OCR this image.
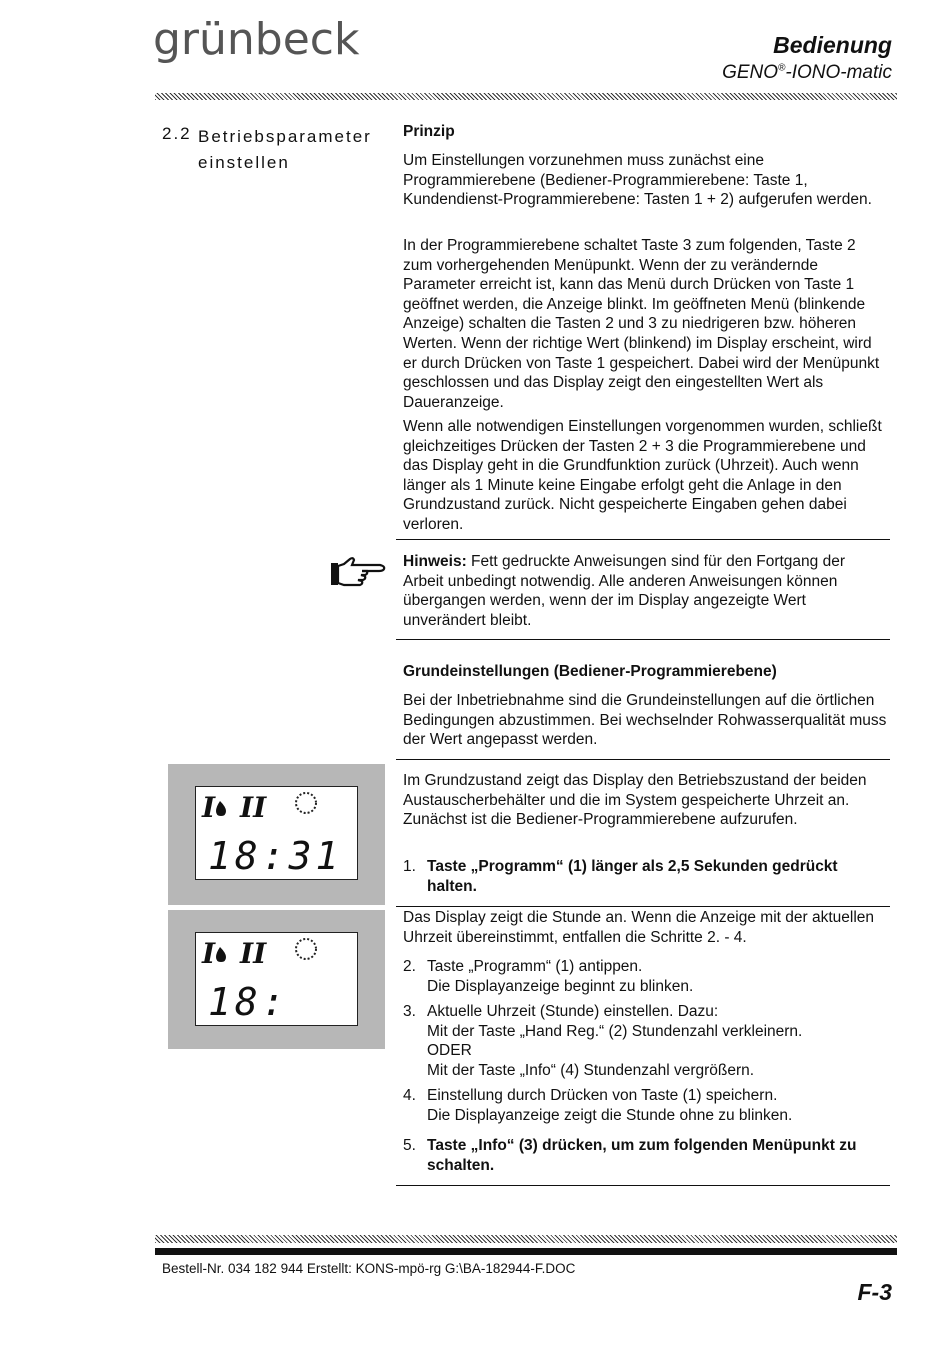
grünbeck	Bedienung
GENO®-IONO-matic
2.2 Betriebsparameter einstellen
Prinzip
Um Einstellungen vorzunehmen muss zunächst eine Programmierebene (Bediener-Programmierebene: Taste 1, Kundendienst-Programmierebene: Tasten 1 + 2) aufgerufen werden.
In der Programmierebene schaltet Taste 3 zum folgenden, Taste 2 zum vorhergehenden Menüpunkt. Wenn der zu verändernde Parameter erreicht ist, kann das Menü durch Drücken von Taste 1 geöffnet werden, die Anzeige blinkt. Im geöffneten Menü (blinkende Anzeige) schalten die Tasten 2 und 3 zu niedrigeren bzw. höheren Werten. Wenn der richtige Wert (blinkend) im Display erscheint, wird er durch Drücken von Taste 1 gespeichert. Dabei wird der Menüpunkt geschlossen und das Display zeigt den eingestellten Wert als Daueranzeige.
Wenn alle notwendigen Einstellungen vorgenommen wurden, schließt gleichzeitiges Drücken der Tasten 2 + 3 die Programmierebene und das Display geht in die Grundfunktion zurück (Uhrzeit). Auch wenn länger als 1 Minute keine Eingabe erfolgt geht die Anlage in den Grundzustand zurück. Nicht gespeicherte Eingaben gehen dabei verloren.
Hinweis: Fett gedruckte Anweisungen sind für den Fortgang der Arbeit unbedingt notwendig. Alle anderen Anweisungen können übergangen werden, wenn der im Display angezeigte Wert unverändert bleibt.
Grundeinstellungen (Bediener-Programmierebene)
Bei der Inbetriebnahme sind die Grundeinstellungen auf die örtlichen Bedingungen abzustimmen. Bei wechselnder Rohwasserqualität muss der Wert angepasst werden.
Im Grundzustand zeigt das Display den Betriebszustand der beiden Austauscherbehälter und die im System gespeicherte Uhrzeit an. Zunächst ist die Bediener-Programmierebene aufzurufen.
1. Taste „Programm“ (1) länger als 2,5 Sekunden gedrückt halten.
Das Display zeigt die Stunde an. Wenn die Anzeige mit der aktuellen Uhrzeit übereinstimmt, entfallen die Schritte 2. - 4.
2. Taste „Programm“ (1) antippen.
Die Displayanzeige beginnt zu blinken.
3. Aktuelle Uhrzeit (Stunde) einstellen. Dazu:
Mit der Taste „Hand Reg.“ (2) Stundenzahl verkleinern.
ODER
Mit der Taste „Info“ (4) Stundenzahl vergrößern.
4. Einstellung durch Drücken von Taste (1) speichern.
Die Displayanzeige zeigt die Stunde ohne zu blinken.
5. Taste „Info“ (3) drücken, um zum folgenden Menüpunkt zu schalten.
I II
18:31
I II
18:
Bestell-Nr. 034 182 944 Erstellt: KONS-mpö-rg G:\BA-182944-F.DOC
F-3
